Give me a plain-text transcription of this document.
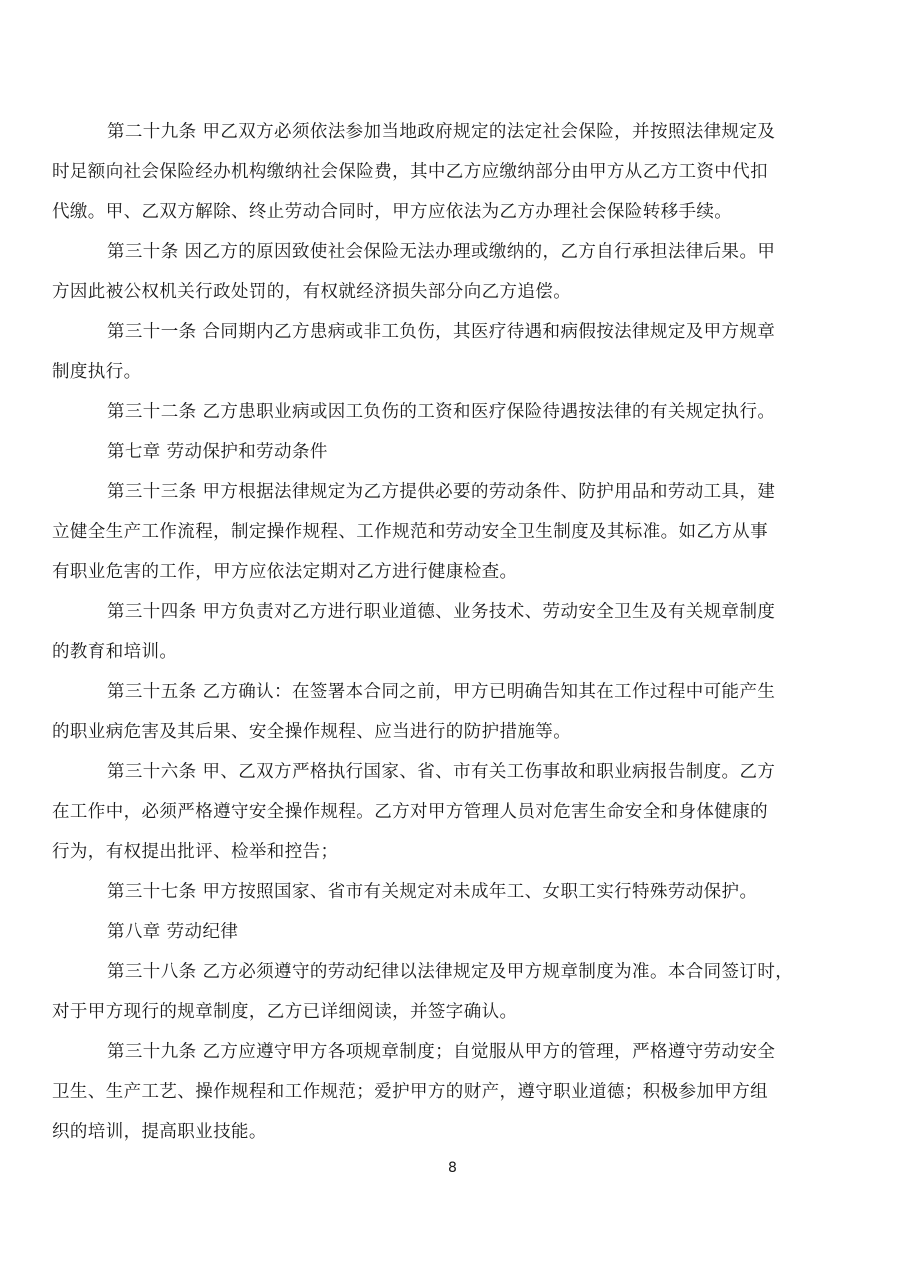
第二十九条 甲乙双方必须依法参加当地政府规定的法定社会保险，并按照法律规定及
时足额向社会保险经办机构缴纳社会保险费，其中乙方应缴纳部分由甲方从乙方工资中代扣
代缴。甲、乙双方解除、终止劳动合同时，甲方应依法为乙方办理社会保险转移手续。

第三十条 因乙方的原因致使社会保险无法办理或缴纳的，乙方自行承担法律后果。甲
方因此被公权机关行政处罚的，有权就经济损失部分向乙方追偿。

第三十一条 合同期内乙方患病或非工负伤，其医疗待遇和病假按法律规定及甲方规章
制度执行。

第三十二条 乙方患职业病或因工负伤的工资和医疗保险待遇按法律的有关规定执行。

第七章 劳动保护和劳动条件

第三十三条 甲方根据法律规定为乙方提供必要的劳动条件、防护用品和劳动工具，建
立健全生产工作流程，制定操作规程、工作规范和劳动安全卫生制度及其标准。如乙方从事
有职业危害的工作，甲方应依法定期对乙方进行健康检查。

第三十四条 甲方负责对乙方进行职业道德、业务技术、劳动安全卫生及有关规章制度
的教育和培训。

第三十五条 乙方确认：在签署本合同之前，甲方已明确告知其在工作过程中可能产生
的职业病危害及其后果、安全操作规程、应当进行的防护措施等。

第三十六条 甲、乙双方严格执行国家、省、市有关工伤事故和职业病报告制度。乙方
在工作中，必须严格遵守安全操作规程。乙方对甲方管理人员对危害生命安全和身体健康的
行为，有权提出批评、检举和控告；

第三十七条 甲方按照国家、省市有关规定对未成年工、女职工实行特殊劳动保护。

第八章 劳动纪律

第三十八条 乙方必须遵守的劳动纪律以法律规定及甲方规章制度为准。本合同签订时，
对于甲方现行的规章制度，乙方已详细阅读，并签字确认。

第三十九条 乙方应遵守甲方各项规章制度；自觉服从甲方的管理，严格遵守劳动安全
卫生、生产工艺、操作规程和工作规范；爱护甲方的财产，遵守职业道德；积极参加甲方组
织的培训，提高职业技能。

8
